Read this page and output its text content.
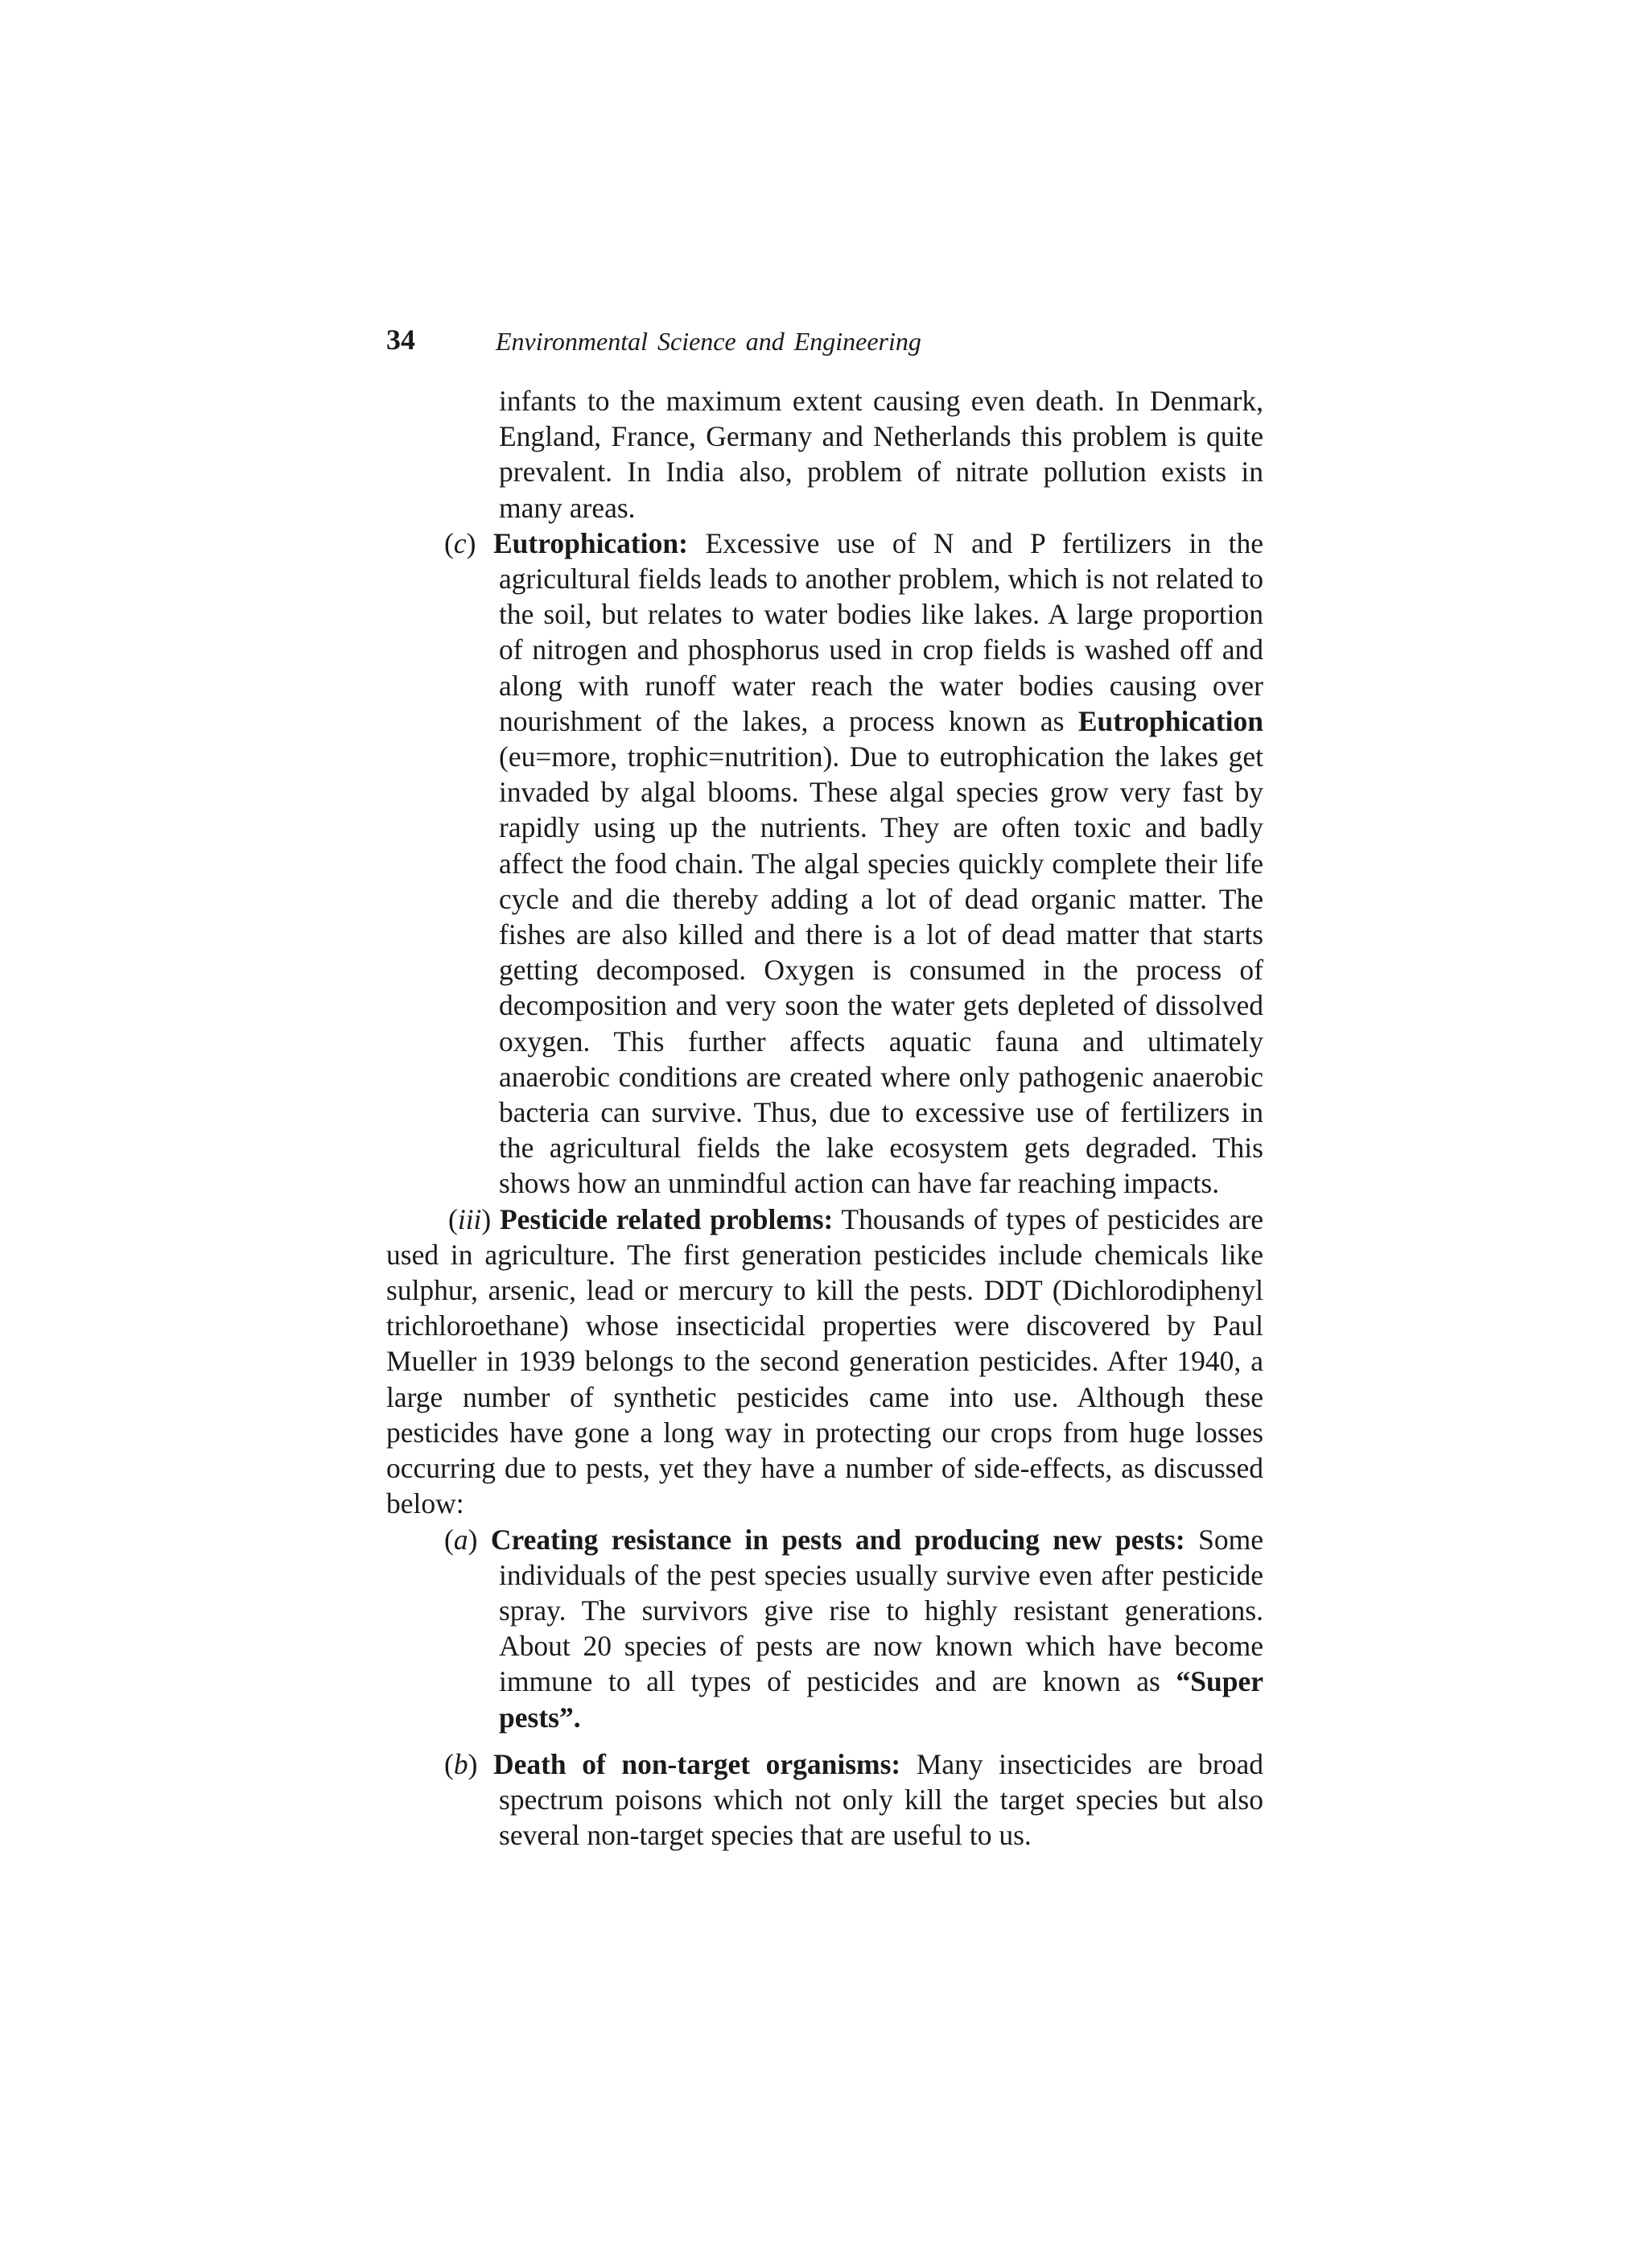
34	Environmental Science and Engineering

infants to the maximum extent causing even death. In Denmark, England, France, Germany and Netherlands this problem is quite prevalent. In India also, problem of nitrate pollution exists in many areas.

(c) Eutrophication: Excessive use of N and P fertilizers in the agricultural fields leads to another problem, which is not related to the soil, but relates to water bodies like lakes. A large proportion of nitrogen and phosphorus used in crop fields is washed off and along with runoff water reach the water bodies causing over nourishment of the lakes, a process known as Eutrophication (eu=more, trophic=nutrition). Due to eutrophication the lakes get invaded by algal blooms. These algal species grow very fast by rapidly using up the nutrients. They are often toxic and badly affect the food chain. The algal species quickly complete their life cycle and die thereby adding a lot of dead organic matter. The fishes are also killed and there is a lot of dead matter that starts getting decomposed. Oxygen is consumed in the process of decomposition and very soon the water gets depleted of dissolved oxygen. This further affects aquatic fauna and ultimately anaerobic conditions are created where only pathogenic anaerobic bacteria can survive. Thus, due to excessive use of fertilizers in the agricultural fields the lake ecosystem gets degraded. This shows how an unmindful action can have far reaching impacts.

(iii) Pesticide related problems: Thousands of types of pesticides are used in agriculture. The first generation pesticides include chemicals like sulphur, arsenic, lead or mercury to kill the pests. DDT (Dichlorodiphenyl trichloroethane) whose insecticidal properties were discovered by Paul Mueller in 1939 belongs to the second generation pesticides. After 1940, a large number of synthetic pesticides came into use. Although these pesticides have gone a long way in protecting our crops from huge losses occurring due to pests, yet they have a number of side-effects, as discussed below:

(a) Creating resistance in pests and producing new pests: Some individuals of the pest species usually survive even after pesticide spray. The survivors give rise to highly resistant generations. About 20 species of pests are now known which have become immune to all types of pesticides and are known as “Super pests”.

(b) Death of non-target organisms: Many insecticides are broad spectrum poisons which not only kill the target species but also several non-target species that are useful to us.
